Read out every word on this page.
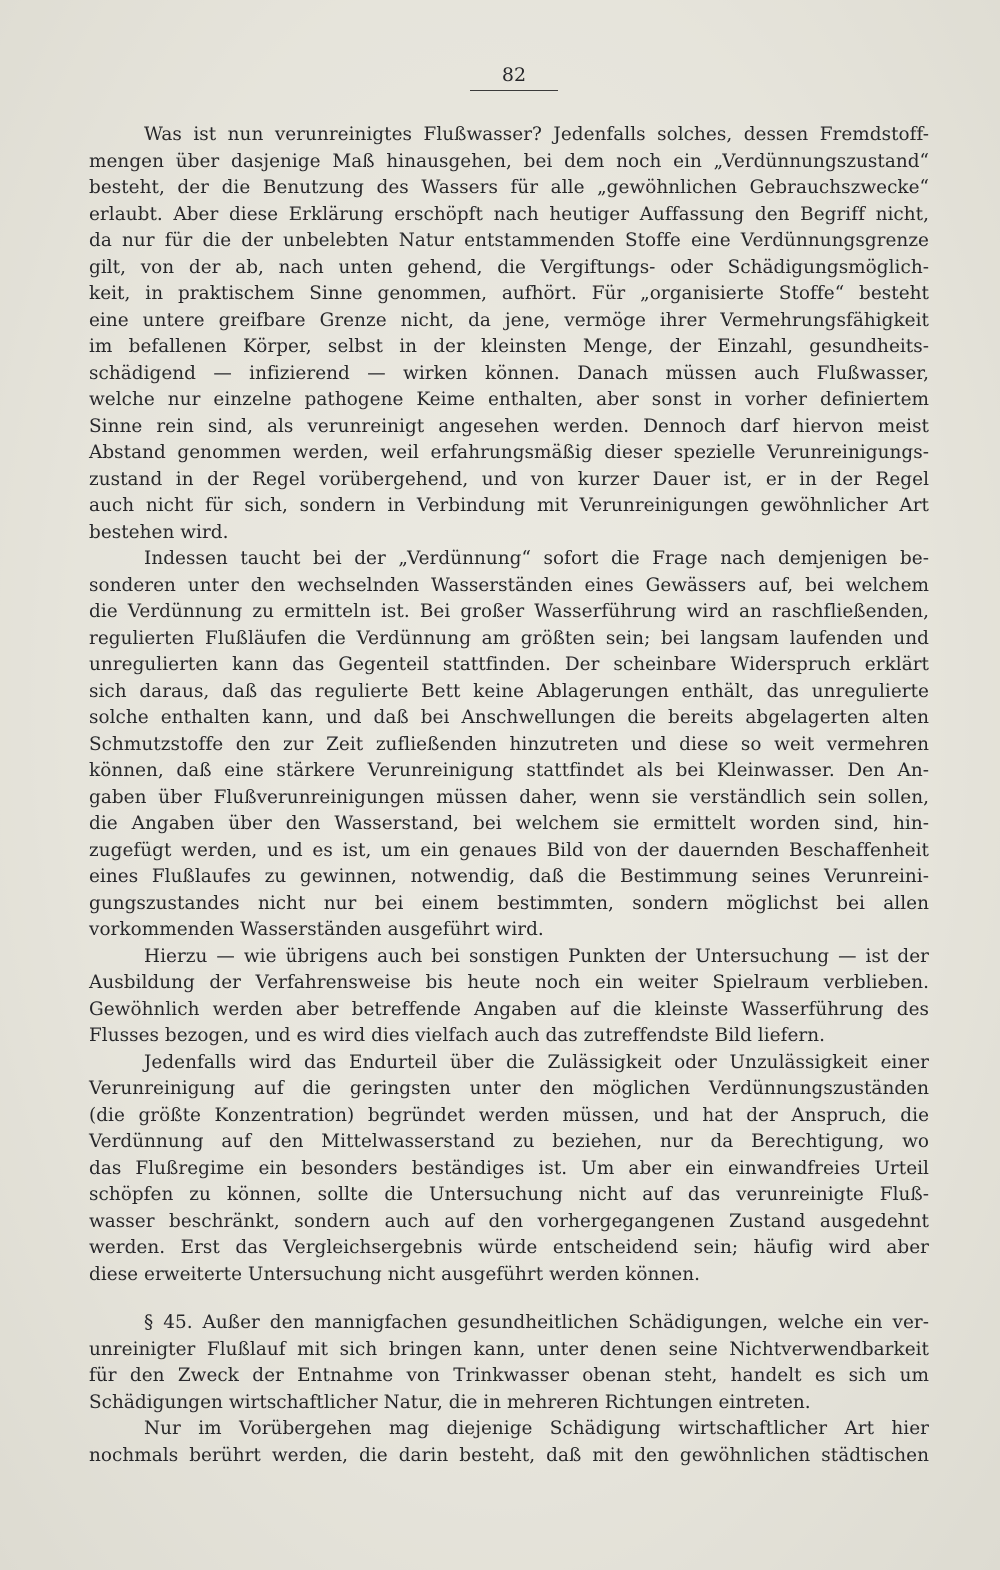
82
Was ist nun verunreinigtes Flußwasser? Jedenfalls solches, dessen Fremdstoff-
mengen über dasjenige Maß hinausgehen, bei dem noch ein „Verdünnungszustand“
besteht, der die Benutzung des Wassers für alle „gewöhnlichen Gebrauchszwecke“
erlaubt. Aber diese Erklärung erschöpft nach heutiger Auffassung den Begriff nicht,
da nur für die der unbelebten Natur entstammenden Stoffe eine Verdünnungsgrenze
gilt, von der ab, nach unten gehend, die Vergiftungs- oder Schädigungsmöglich-
keit, in praktischem Sinne genommen, aufhört. Für „organisierte Stoffe“ besteht
eine untere greifbare Grenze nicht, da jene, vermöge ihrer Vermehrungsfähigkeit
im befallenen Körper, selbst in der kleinsten Menge, der Einzahl, gesundheits-
schädigend — infizierend — wirken können. Danach müssen auch Flußwasser,
welche nur einzelne pathogene Keime enthalten, aber sonst in vorher definiertem
Sinne rein sind, als verunreinigt angesehen werden. Dennoch darf hiervon meist
Abstand genommen werden, weil erfahrungsmäßig dieser spezielle Verunreinigungs-
zustand in der Regel vorübergehend, und von kurzer Dauer ist, er in der Regel
auch nicht für sich, sondern in Verbindung mit Verunreinigungen gewöhnlicher Art
bestehen wird.
Indessen taucht bei der „Verdünnung“ sofort die Frage nach demjenigen be-
sonderen unter den wechselnden Wasserständen eines Gewässers auf, bei welchem
die Verdünnung zu ermitteln ist. Bei großer Wasserführung wird an raschfließenden,
regulierten Flußläufen die Verdünnung am größten sein; bei langsam laufenden und
unregulierten kann das Gegenteil stattfinden. Der scheinbare Widerspruch erklärt
sich daraus, daß das regulierte Bett keine Ablagerungen enthält, das unregulierte
solche enthalten kann, und daß bei Anschwellungen die bereits abgelagerten alten
Schmutzstoffe den zur Zeit zufließenden hinzutreten und diese so weit vermehren
können, daß eine stärkere Verunreinigung stattfindet als bei Kleinwasser. Den An-
gaben über Flußverunreinigungen müssen daher, wenn sie verständlich sein sollen,
die Angaben über den Wasserstand, bei welchem sie ermittelt worden sind, hin-
zugefügt werden, und es ist, um ein genaues Bild von der dauernden Beschaffenheit
eines Flußlaufes zu gewinnen, notwendig, daß die Bestimmung seines Verunreini-
gungszustandes nicht nur bei einem bestimmten, sondern möglichst bei allen
vorkommenden Wasserständen ausgeführt wird.
Hierzu — wie übrigens auch bei sonstigen Punkten der Untersuchung — ist der
Ausbildung der Verfahrensweise bis heute noch ein weiter Spielraum verblieben.
Gewöhnlich werden aber betreffende Angaben auf die kleinste Wasserführung des
Flusses bezogen, und es wird dies vielfach auch das zutreffendste Bild liefern.
Jedenfalls wird das Endurteil über die Zulässigkeit oder Unzulässigkeit einer
Verunreinigung auf die geringsten unter den möglichen Verdünnungszuständen
(die größte Konzentration) begründet werden müssen, und hat der Anspruch, die
Verdünnung auf den Mittelwasserstand zu beziehen, nur da Berechtigung, wo
das Flußregime ein besonders beständiges ist. Um aber ein einwandfreies Urteil
schöpfen zu können, sollte die Untersuchung nicht auf das verunreinigte Fluß-
wasser beschränkt, sondern auch auf den vorhergegangenen Zustand ausgedehnt
werden. Erst das Vergleichsergebnis würde entscheidend sein; häufig wird aber
diese erweiterte Untersuchung nicht ausgeführt werden können.
§ 45. Außer den mannigfachen gesundheitlichen Schädigungen, welche ein ver-
unreinigter Flußlauf mit sich bringen kann, unter denen seine Nichtverwendbarkeit
für den Zweck der Entnahme von Trinkwasser obenan steht, handelt es sich um
Schädigungen wirtschaftlicher Natur, die in mehreren Richtungen eintreten.
Nur im Vorübergehen mag diejenige Schädigung wirtschaftlicher Art hier
nochmals berührt werden, die darin besteht, daß mit den gewöhnlichen städtischen
